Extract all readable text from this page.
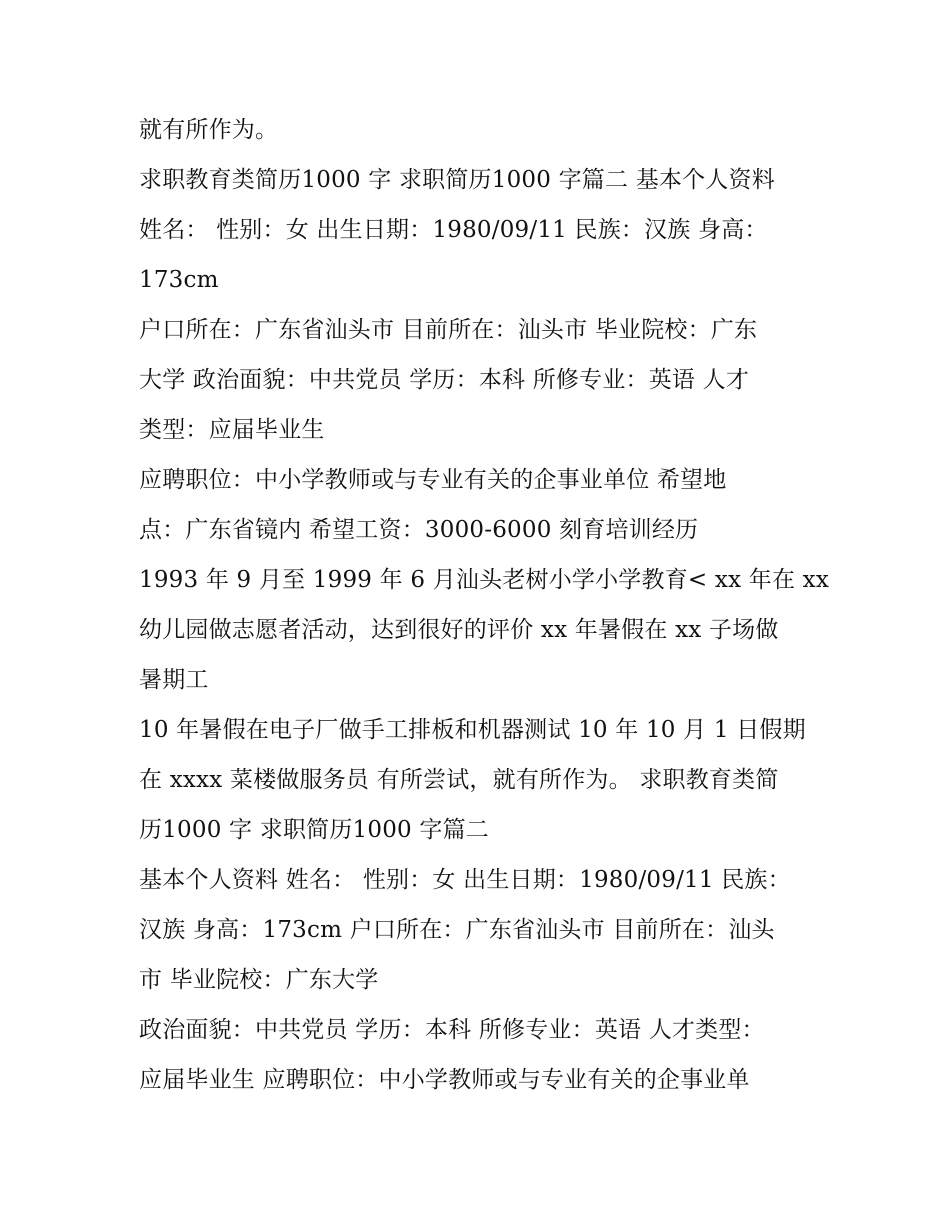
就有所作为。
求职教育类简历1000 字 求职简历1000 字篇二 基本个人资料
姓名： 性别：女 出生日期：1980/09/11 民族：汉族 身高：
173cm
户口所在：广东省汕头市 目前所在：汕头市 毕业院校：广东
大学 政治面貌：中共党员 学历：本科 所修专业：英语 人才
类型：应届毕业生
应聘职位：中小学教师或与专业有关的企事业单位 希望地
点：广东省镜内 希望工资：3000-6000 刻育培训经历
1993 年 9 月至 1999 年 6 月汕头老树小学小学教育< xx 年在 xx
幼儿园做志愿者活动，达到很好的评价 xx 年暑假在 xx 子场做
暑期工
10 年暑假在电子厂做手工排板和机器测试 10 年 10 月 1 日假期
在 xxxx 菜楼做服务员 有所尝试，就有所作为。 求职教育类简
历1000 字 求职简历1000 字篇二
基本个人资料 姓名： 性别：女 出生日期：1980/09/11 民族：
汉族 身高：173cm 户口所在：广东省汕头市 目前所在：汕头
市 毕业院校：广东大学
政治面貌：中共党员 学历：本科 所修专业：英语 人才类型：
应届毕业生 应聘职位：中小学教师或与专业有关的企事业单
